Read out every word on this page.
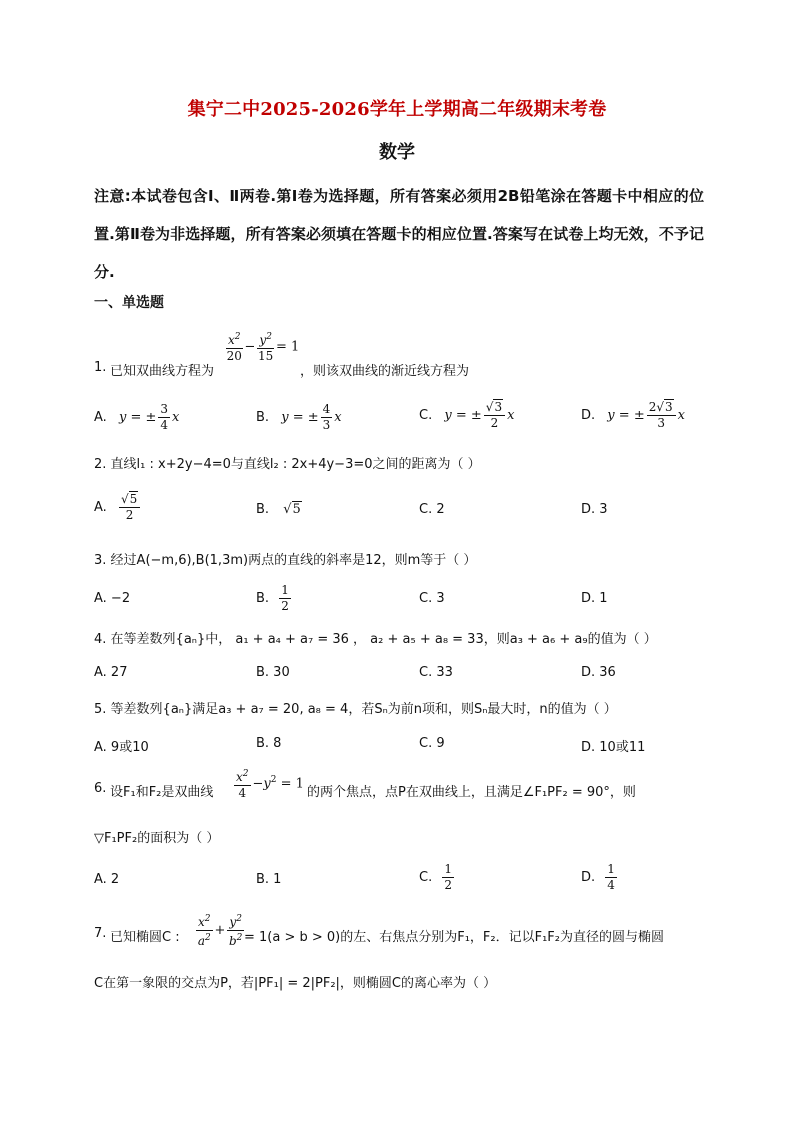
集宁二中2025-2026学年上学期高二年级期末考卷
数学
注意:本试卷包含Ⅰ、Ⅱ两卷.第Ⅰ卷为选择题，所有答案必须用2B铅笔涂在答题卡中相应的位置.第Ⅱ卷为非选择题，所有答案必须填在答题卡的相应位置.答案写在试卷上均无效，不予记分.
一、单选题
1. 已知双曲线方程为
$\frac{x^2}{20} - \frac{y^2}{15} = 1$
，则该双曲线的渐近线方程为
A. y = ± $\frac{3}{4}$ x	B. y = ± $\frac{4}{3}$ x	C. y = ± $\frac{√3}{2}$ x	D. y = ± $\frac{2√3}{3}$ x
2. 直线l₁ : x+2y−4=0与直线l₂ : 2x+4y−3=0之间的距离为（ ）
A. $\frac{√5}{2}$	B. √5	C. 2	D. 3
3. 经过A(−m,6),B(1,3m)两点的直线的斜率是12，则m等于（ ）
A. −2	B. $\frac{1}{2}$	C. 3	D. 1
4. 在等差数列{aₙ}中， a₁ + a₄ + a₇ = 36 ， a₂ + a₅ + a₈ = 33，则a₃ + a₆ + a₉的值为（ ）
A. 27	B. 30	C. 33	D. 36
5. 等差数列{aₙ}满足a₃ + a₇ = 20, a₈ = 4，若Sₙ为前n项和，则Sₙ最大时，n的值为（ ）
A. 9或10	B. 8	C. 9	D. 10或11
6. 设F₁和F₂是双曲线 $\frac{x^2}{4} -y^2 = 1$
的两个焦点，点P在双曲线上，且满足∠F₁PF₂ = 90°，则
▽F₁PF₂的面积为（ ）
A. 2	B. 1	C. $\frac{1}{2}$	D. $\frac{1}{4}$
7. 已知椭圆C : $\frac{x^2}{a^2} + \frac{y^2}{b^2} = 1(a > b > 0)$的左、右焦点分别为F₁，F₂．记以F₁F₂为直径的圆与椭圆
C在第一象限的交点为P，若|PF₁| = 2|PF₂|，则椭圆C的离心率为（ ）
